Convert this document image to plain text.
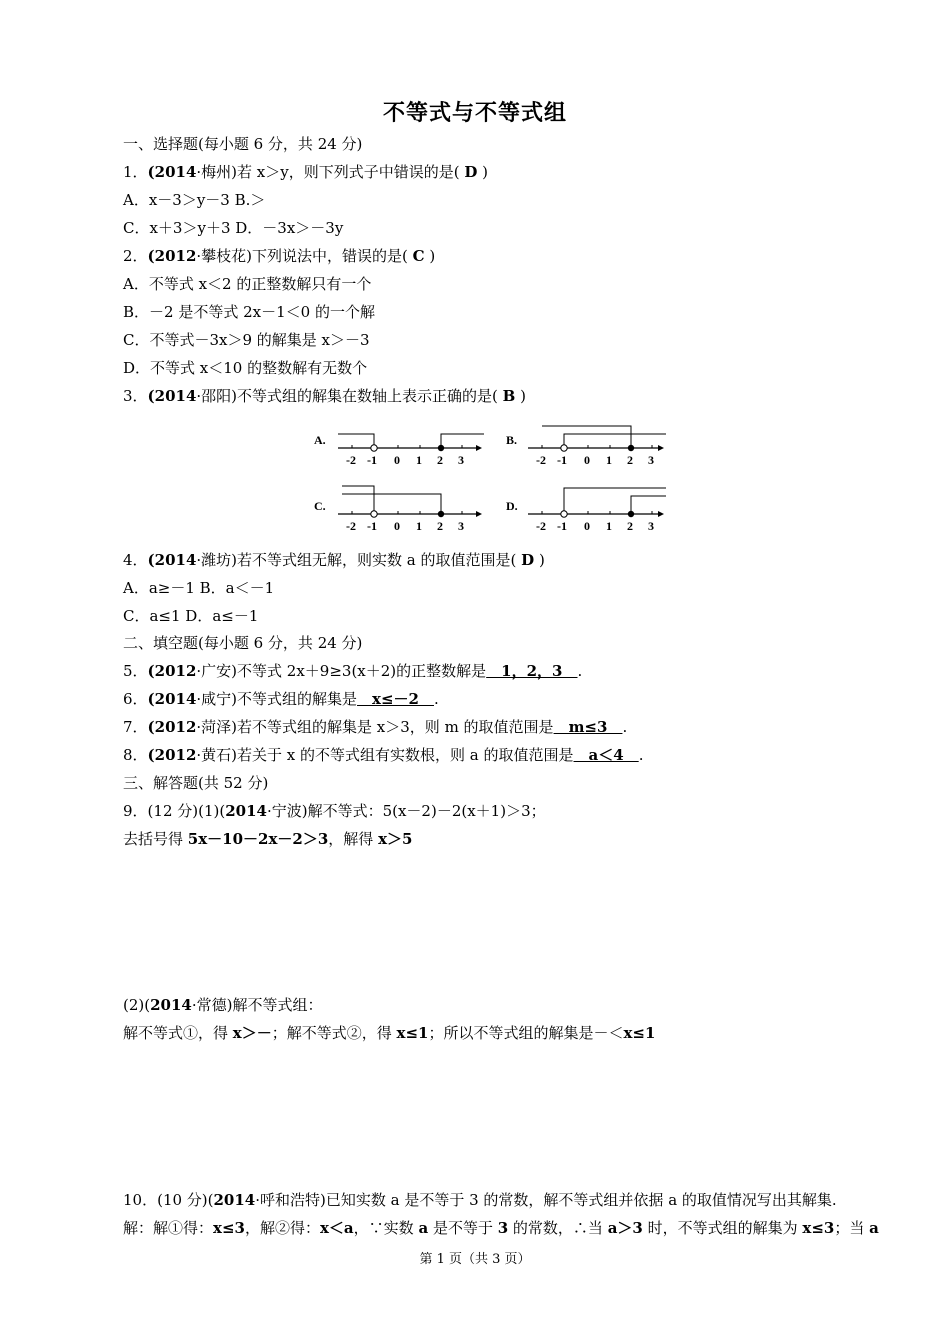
不等式与不等式组
一、选择题(每小题 6 分，共 24 分)
1．(2014·梅州)若 x＞y，则下列式子中错误的是( D )
A．x－3＞y－3 B.＞
C．x＋3＞y＋3 D．－3x＞－3y
2．(2012·攀枝花)下列说法中，错误的是( C )
A．不等式 x＜2 的正整数解只有一个
B．－2 是不等式 2x－1＜0 的一个解
C．不等式－3x＞9 的解集是 x＞－3
D．不等式 x＜10 的整数解有无数个
3．(2014·邵阳)不等式组的解集在数轴上表示正确的是( B )
A.
-2 -1 0 1 2 3
B.
-2 -1 0 1 2 3
C.
-2 -1 0 1 2 3
D.
-2 -1 0 1 2 3
4．(2014·潍坊)若不等式组无解，则实数 a 的取值范围是( D )
A．a≥－1 B．a＜－1
C．a≤1 D．a≤－1
二、填空题(每小题 6 分，共 24 分)
5．(2012·广安)不等式 2x＋9≥3(x＋2)的正整数解是　1，2，3　.
6．(2014·咸宁)不等式组的解集是　x≤－2　.
7．(2012·菏泽)若不等式组的解集是 x＞3，则 m 的取值范围是　m≤3　.
8．(2012·黄石)若关于 x 的不等式组有实数根，则 a 的取值范围是　a＜4　.
三、解答题(共 52 分)
9．(12 分)(1)(2014·宁波)解不等式：5(x－2)－2(x＋1)＞3；
去括号得 5x－10－2x－2＞3，解得 x＞5
(2)(2014·常德)解不等式组：
解不等式①，得 x＞－；解不等式②，得 x≤1；所以不等式组的解集是－＜x≤1
10．(10 分)(2014·呼和浩特)已知实数 a 是不等于 3 的常数，解不等式组并依据 a 的取值情况写出其解集.
解：解①得：x≤3，解②得：x＜a，∵实数 a 是不等于 3 的常数，∴当 a＞3 时，不等式组的解集为 x≤3；当 a
第 1 页（共 3 页）
